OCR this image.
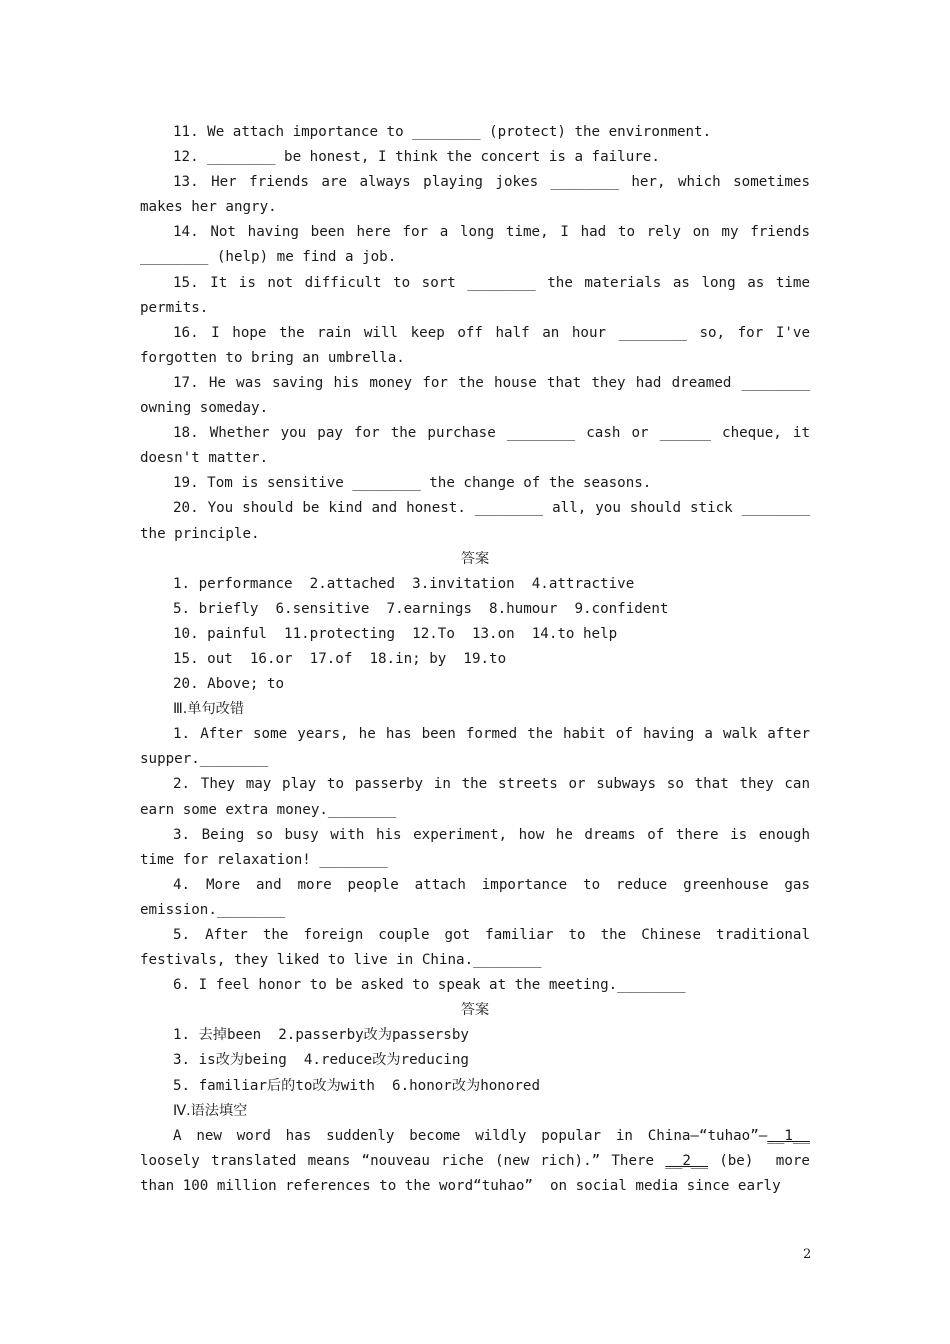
11. We attach importance to ________ (protect) the environment.

12. ________ be honest, I think the concert is a failure.

13. Her friends are always playing jokes ________ her, which sometimes makes her angry.

14. Not having been here for a long time, I had to rely on my friends ________ (help) me find a job.

15. It is not difficult to sort ________ the materials as long as time permits.

16. I hope the rain will keep off half an hour ________ so, for I've forgotten to bring an umbrella.

17. He was saving his money for the house that they had dreamed ________ owning someday.

18. Whether you pay for the purchase ________ cash or ______ cheque, it doesn't matter.

19. Tom is sensitive ________ the change of the seasons.

20. You should be kind and honest. ________ all, you should stick ________ the principle.

答案

1. performance  2.attached  3.invitation  4.attractive

5. briefly  6.sensitive  7.earnings  8.humour  9.confident

10. painful  11.protecting  12.To  13.on  14.to help

15. out  16.or  17.of  18.in; by  19.to

20. Above; to

Ⅲ.单句改错

1. After some years, he has been formed the habit of having a walk after supper.________

2. They may play to passerby in the streets or subways so that they can earn some extra money.________

3. Being so busy with his experiment, how he dreams of there is enough time for relaxation! ________

4. More and more people attach importance to reduce greenhouse gas emission.________

5. After the foreign couple got familiar to the Chinese traditional festivals, they liked to live in China.________

6. I feel honor to be asked to speak at the meeting.________

答案

1. 去掉been  2.passerby改为passersby

3. is改为being  4.reduce改为reducing

5. familiar后的to改为with  6.honor改为honored

Ⅳ.语法填空

A new word has suddenly become wildly popular in China—“tuhao”—__1__ loosely translated means “nouveau riche (new rich).” There __2__ (be)  more than 100 million references to the word“tuhao”  on social media since early

2
